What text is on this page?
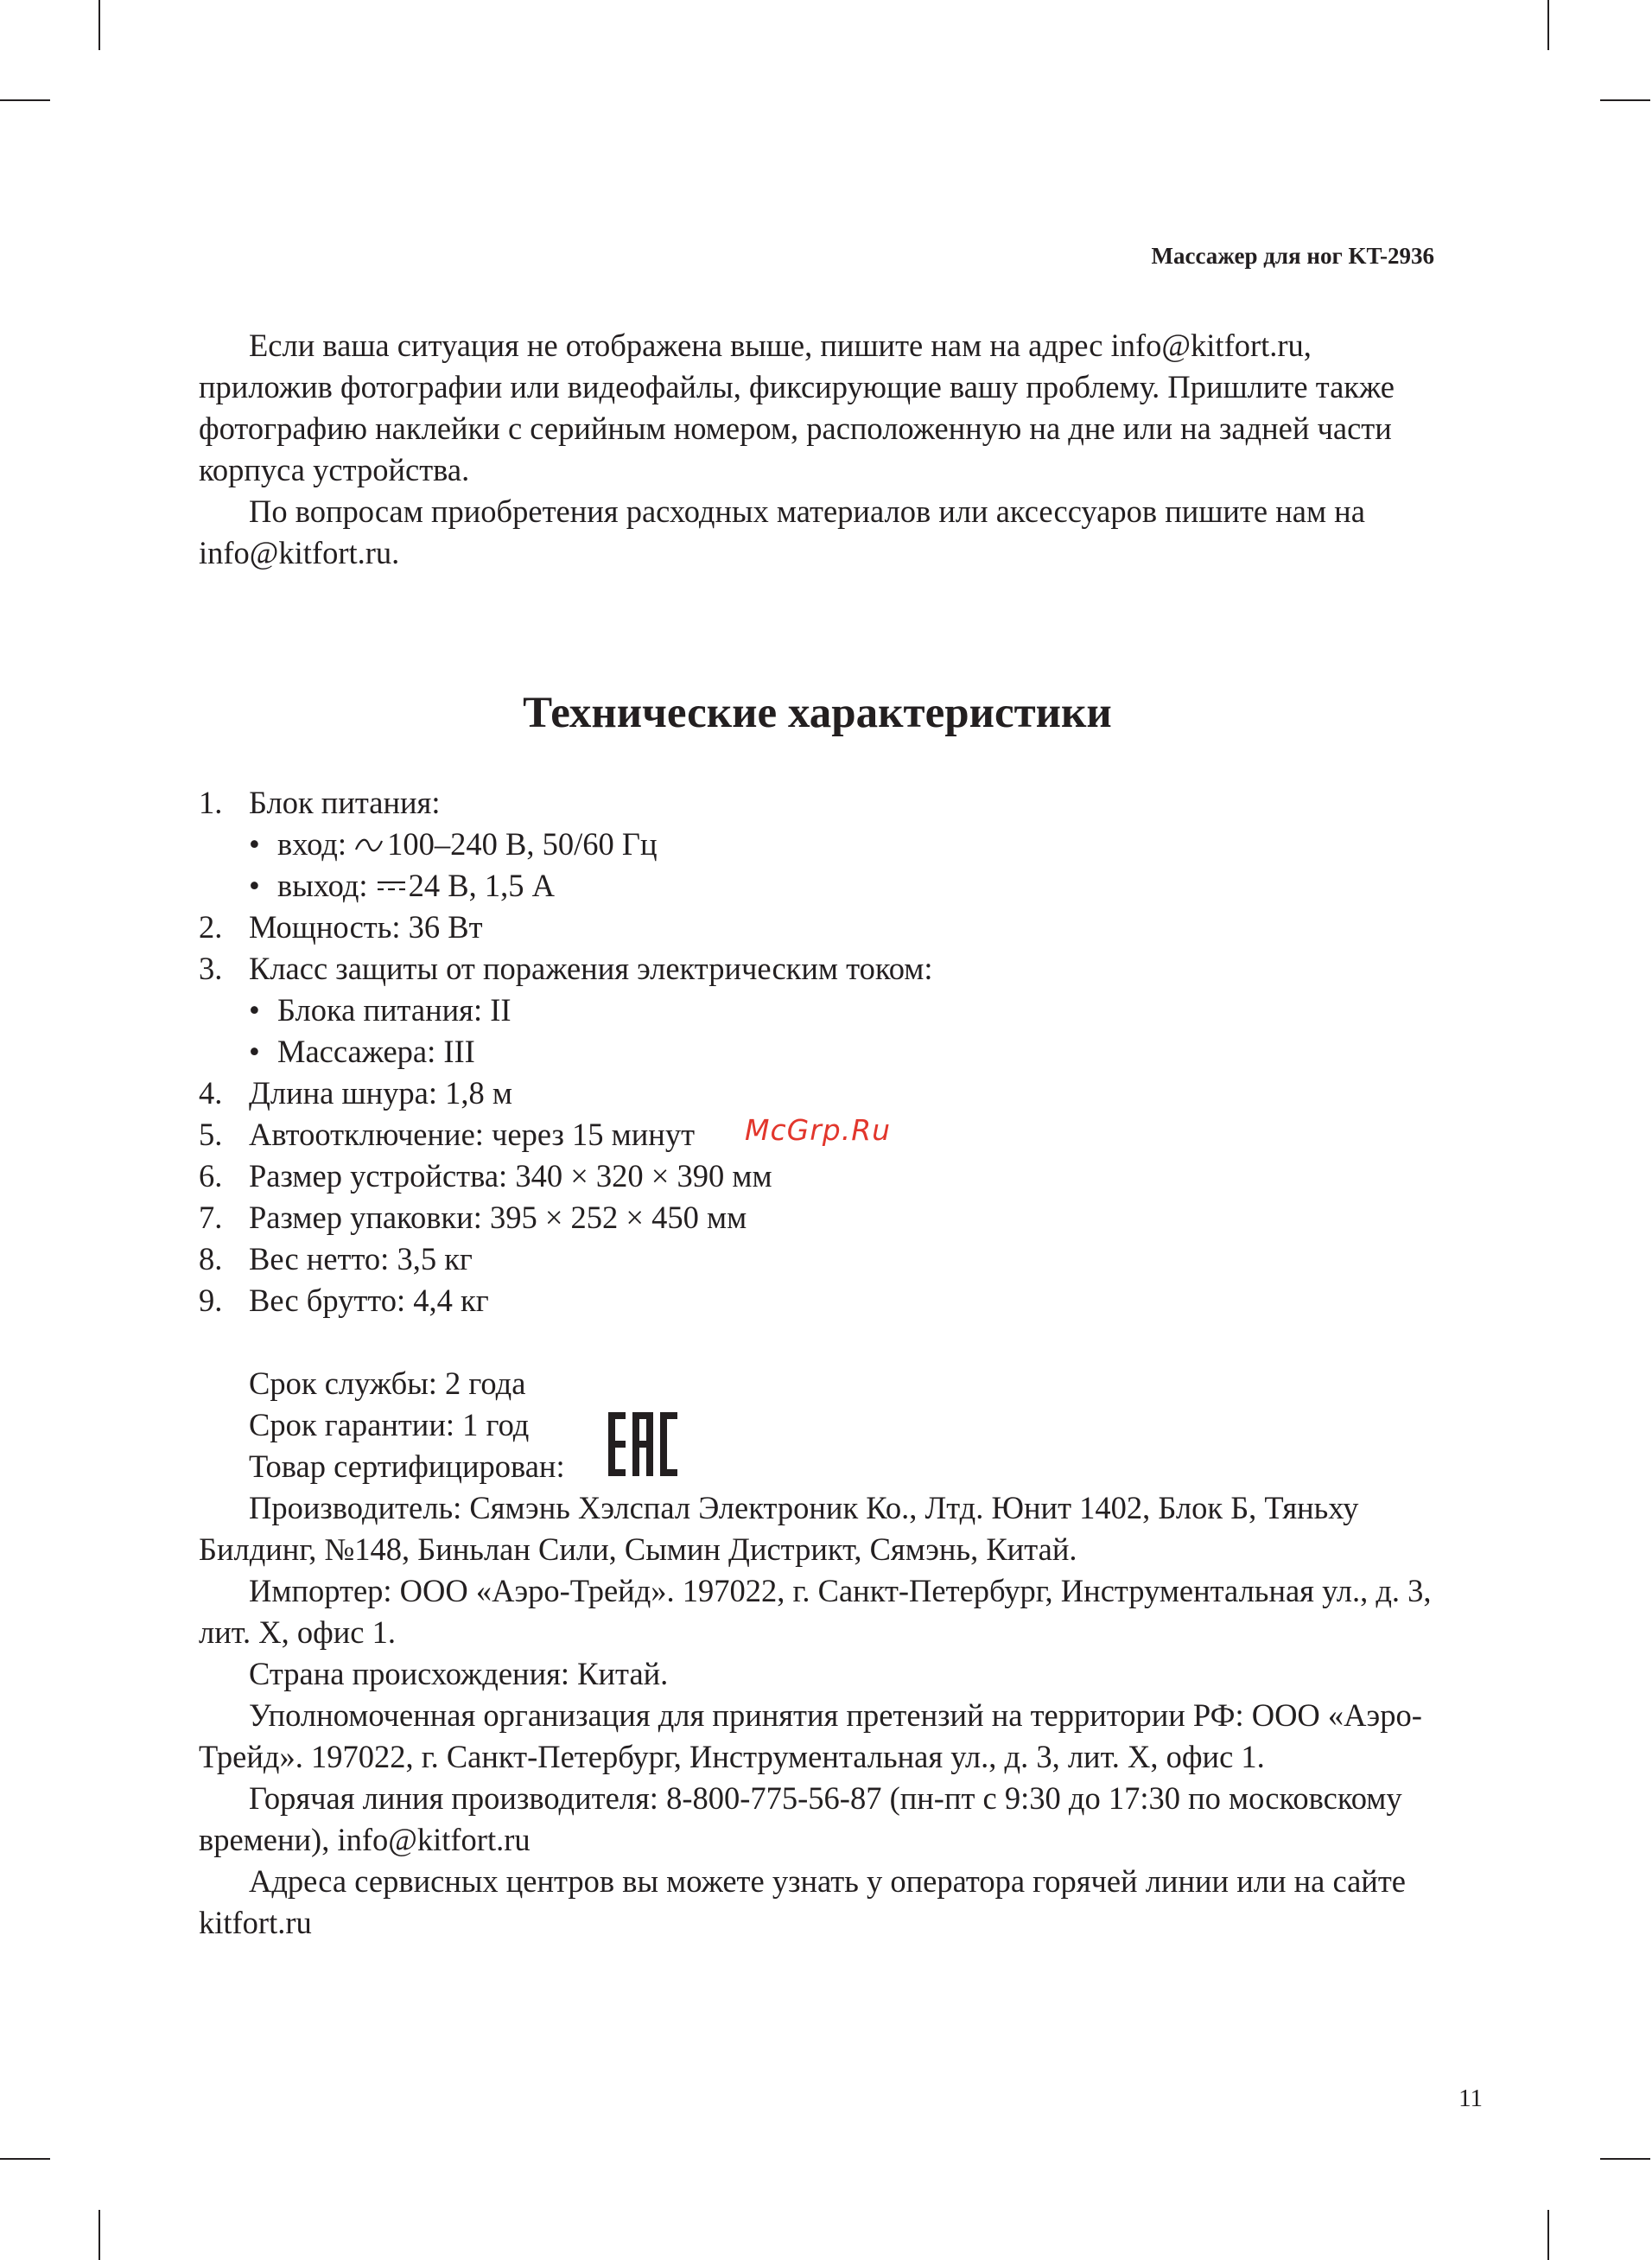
Массажер для ног KT-2936

Если ваша ситуация не отображена выше, пишите нам на адрес info@kitfort.ru, приложив фотографии или видеофайлы, фиксирующие вашу проблему. Пришлите также фотографию наклейки с серийным номером, расположенную на дне или на задней части корпуса устройства.

По вопросам приобретения расходных материалов или аксессуаров пишите нам на info@kitfort.ru.

Технические характеристики
1. Блок питания:
• вход: 100–240 В, 50/60 Гц
• выход: 24 В, 1,5 А
2. Мощность: 36 Вт
3. Класс защиты от поражения электрическим током:
• Блока питания: II
• Массажера: III
4. Длина шнура: 1,8 м
5. Автоотключение: через 15 минут
6. Размер устройства: 340 × 320 × 390 мм
7. Размер упаковки: 395 × 252 × 450 мм
8. Вес нетто: 3,5 кг
9. Вес брутто: 4,4 кг
McGrp.Ru
Срок службы: 2 года
Срок гарантии: 1 год
Товар сертифицирован:

Производитель: Сямэнь Хэлспал Электроник Ко., Лтд. Юнит 1402, Блок Б, Тяньху Билдинг, №148, Биньлан Сили, Сымин Дистрикт, Сямэнь, Китай.

Импортер: ООО «Аэро-Трейд». 197022, г. Санкт-Петербург, Инструментальная ул., д. 3, лит. Х, офис 1.

Страна происхождения: Китай.

Уполномоченная организация для принятия претензий на территории РФ: ООО «Аэро-Трейд». 197022, г. Санкт-Петербург, Инструментальная ул., д. 3, лит. Х, офис 1.

Горячая линия производителя: 8-800-775-56-87 (пн-пт с 9:30 до 17:30 по московскому времени), info@kitfort.ru

Адреса сервисных центров вы можете узнать у оператора горячей линии или на сайте kitfort.ru

11
